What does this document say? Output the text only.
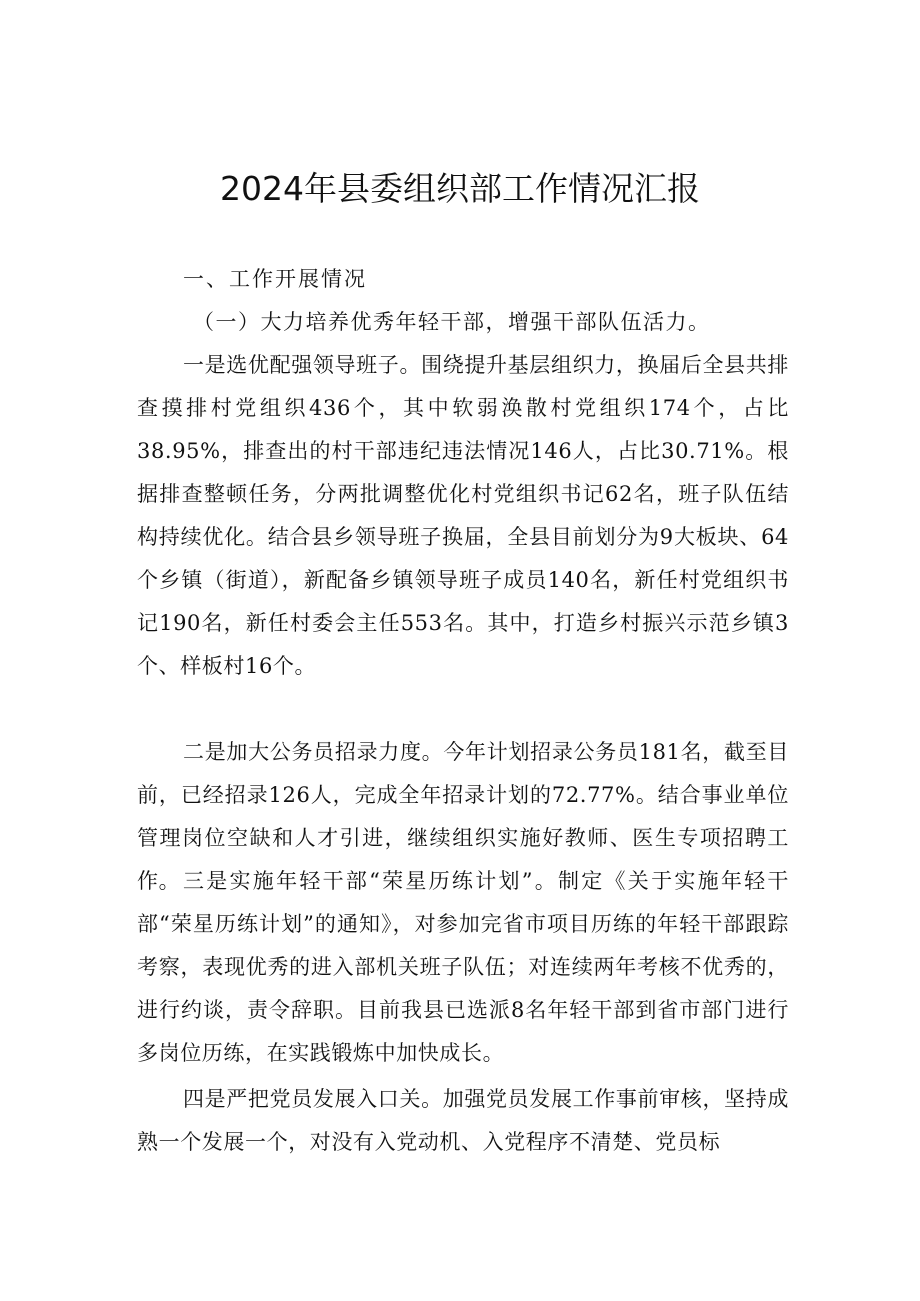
2024年县委组织部工作情况汇报
一、工作开展情况
（一）大力培养优秀年轻干部，增强干部队伍活力。

一是选优配强领导班子。围绕提升基层组织力，换届后全县共排查摸排村党组织436个，其中软弱涣散村党组织174个，占比38.95%，排查出的村干部违纪违法情况146人，占比30.71%。根据排查整顿任务，分两批调整优化村党组织书记62名，班子队伍结构持续优化。结合县乡领导班子换届，全县目前划分为9大板块、64个乡镇（街道），新配备乡镇领导班子成员140名，新任村党组织书记190名，新任村委会主任553名。其中，打造乡村振兴示范乡镇3个、样板村16个。

二是加大公务员招录力度。今年计划招录公务员181名，截至目前，已经招录126人，完成全年招录计划的72.77%。结合事业单位管理岗位空缺和人才引进，继续组织实施好教师、医生专项招聘工作。 三是实施年轻干部“荣星历练计划”。制定《关于实施年轻干部“荣星历练计划”的通知》，对参加完省市项目历练的年轻干部跟踪考察，表现优秀的进入部机关班子队伍；对连续两年考核不优秀的，进行约谈，责令辞职。目前我县已选派8名年轻干部到省市部门进行多岗位历练，在实践锻炼中加快成长。

四是严把党员发展入口关。加强党员发展工作事前审核，坚持成熟一个发展一个，对没有入党动机、入党程序不清楚、党员标
